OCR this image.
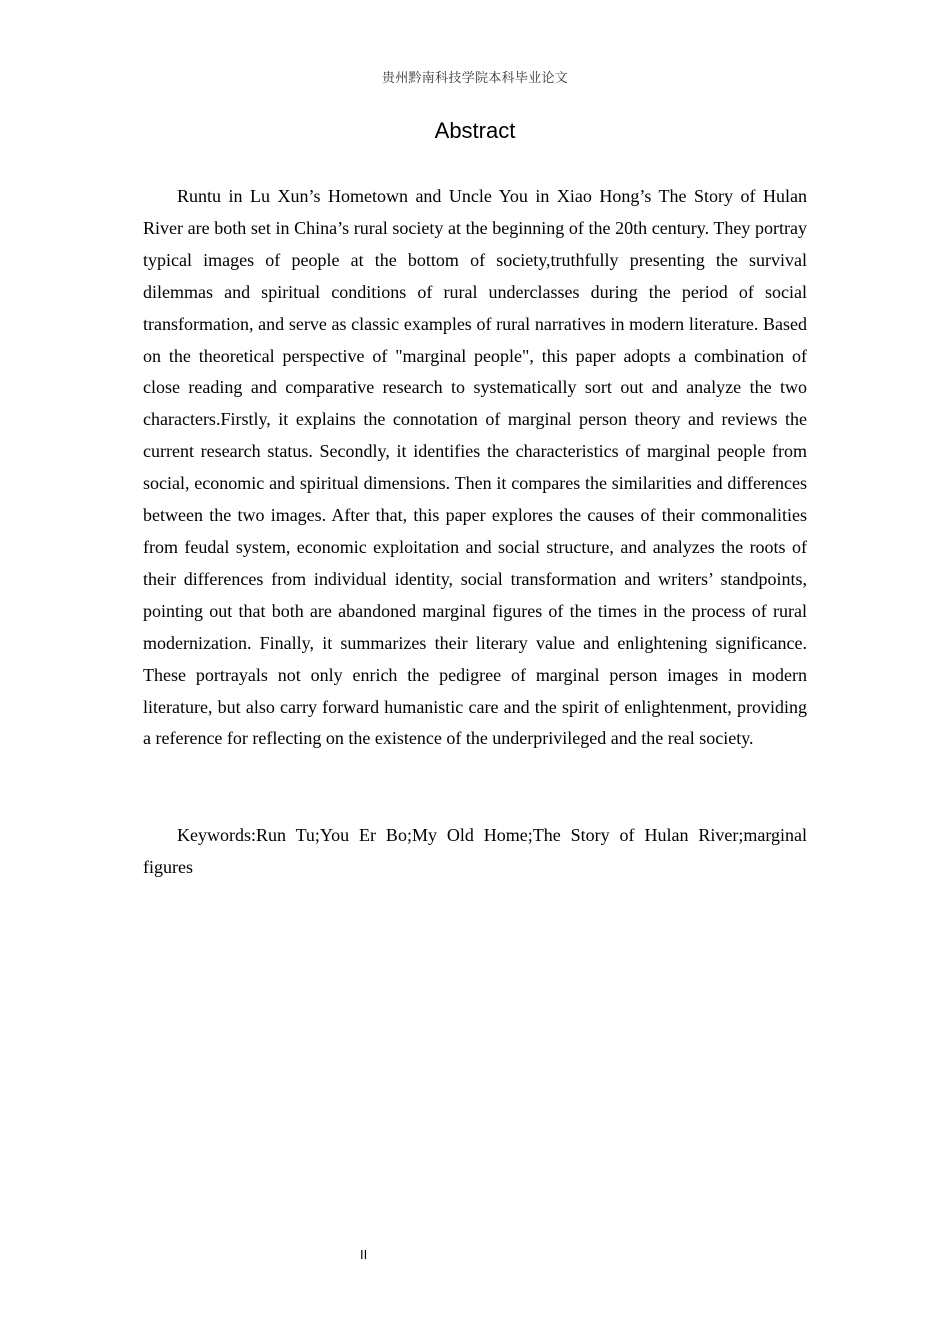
贵州黔南科技学院本科毕业论文
Abstract

Runtu in Lu Xun’s Hometown and Uncle You in Xiao Hong’s The Story of Hulan River are both set in China’s rural society at the beginning of the 20th century. They portray typical images of people at the bottom of society,truthfully presenting the survival dilemmas and spiritual conditions of rural underclasses during the period of social transformation, and serve as classic examples of rural narratives in modern literature. Based on the theoretical perspective of "marginal people", this paper adopts a combination of close reading and comparative research to systematically sort out and analyze the two characters.Firstly, it explains the connotation of marginal person theory and reviews the current research status. Secondly, it identifies the characteristics of marginal people from social, economic and spiritual dimensions. Then it compares the similarities and differences between the two images. After that, this paper explores the causes of their commonalities from feudal system, economic exploitation and social structure, and analyzes the roots of their differences from individual identity, social transformation and writers’ standpoints, pointing out that both are abandoned marginal figures of the times in the process of rural modernization. Finally, it summarizes their literary value and enlightening significance. These portrayals not only enrich the pedigree of marginal person images in modern literature, but also carry forward humanistic care and the spirit of enlightenment, providing a reference for reflecting on the existence of the underprivileged and the real society.

Keywords:Run Tu;You Er Bo;My Old Home;The Story of Hulan River;marginal figures

II
